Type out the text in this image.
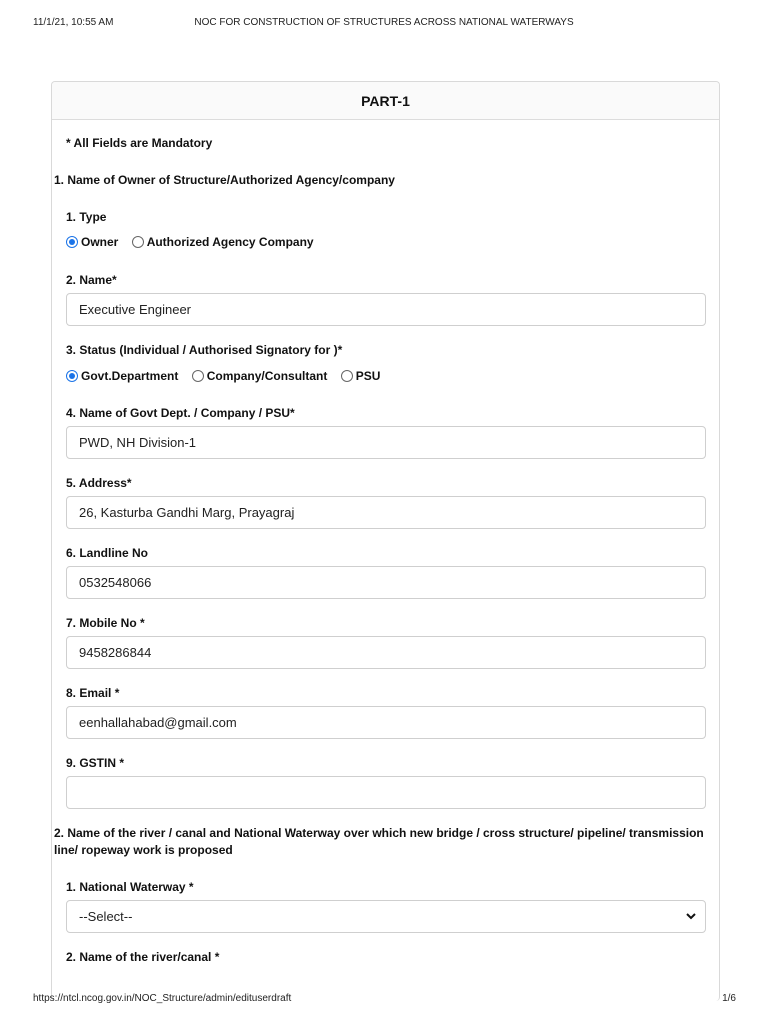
11/1/21, 10:55 AM	NOC FOR CONSTRUCTION OF STRUCTURES ACROSS NATIONAL WATERWAYS
PART-1
* All Fields are Mandatory
1. Name of Owner of Structure/Authorized Agency/company
1. Type
Owner Authorized Agency Company
2. Name*
Executive Engineer
3. Status (Individual / Authorised Signatory for )*
Govt.Department Company/Consultant PSU
4. Name of Govt Dept. / Company / PSU*
PWD, NH Division-1
5. Address*
26, Kasturba Gandhi Marg, Prayagraj
6. Landline No
0532548066
7. Mobile No *
9458286844
8. Email *
eenhallahabad@gmail.com
9. GSTIN *
2. Name of the river / canal and National Waterway over which new bridge / cross structure/ pipeline/ transmission
line/ ropeway work is proposed
1. National Waterway *
--Select--
2. Name of the river/canal *
https://ntcl.ncog.gov.in/NOC_Structure/admin/edituserdraft	1/6
